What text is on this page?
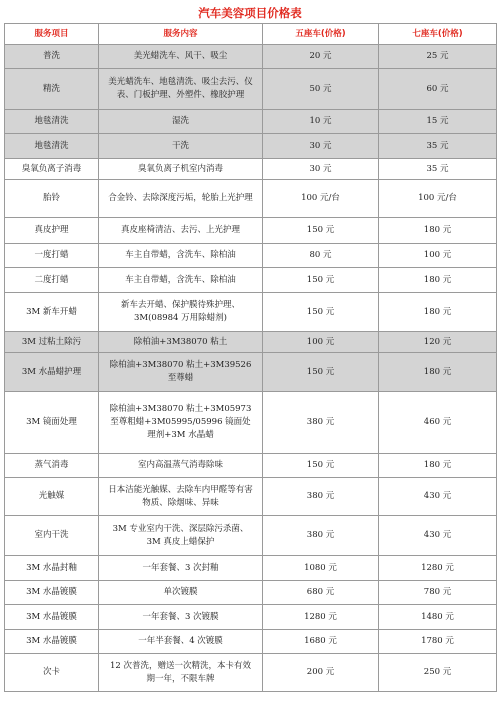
汽车美容项目价格表
服务项目	服务内容	五座车(价格)	七座车(价格)
普洗	美光蜡洗车、风干、吸尘	20 元	25 元
精洗	美光蜡洗车、地毯清洗、吸尘去污、仪表、门板护理、外塑件、橡胶护理	50 元	60 元
地毯清洗	湿洗	10 元	15 元
地毯清洗	干洗	30 元	35 元
臭氧负离子消毒	臭氧负离子机室内消毒	30 元	35 元
胎铃	合金铃、去除深度污垢，轮胎上光护理	100 元/台	100 元/台
真皮护理	真皮座椅清洁、去污、上光护理	150 元	180 元
一度打蜡	车主自带蜡，含洗车、除柏油	80 元	100 元
二度打蜡	车主自带蜡，含洗车、除柏油	150 元	180 元
3M 新车开蜡	新车去开蜡、保护膜待殊护理、3M(08984 万用除蜡剂)	150 元	180 元
3M 过粘土除污	除柏油+3M38070 粘土	100 元	120 元
3M 水晶蜡护理	除柏油+3M38070 粘土+3M39526 至尊蜡	150 元	180 元
3M 镜面处理	除柏油+3M38070 粘土+3M05973 至尊粗蜡+3M05995/05996 镜面处理剂+3M 水晶蜡	380 元	460 元
蒸气消毒	室内高温蒸气消毒除味	150 元	180 元
光触媒	日本洁能光触媒、去除车内甲醛等有害物质、除烟味、异味	380 元	430 元
室内干洗	3M 专业室内干洗、深层除污杀菌、3M 真皮上蜡保护	380 元	430 元
3M 水晶封釉	一年套餐、3 次封釉	1080 元	1280 元
3M 水晶镀膜	单次镀膜	680 元	780 元
3M 水晶镀膜	一年套餐、3 次镀膜	1280 元	1480 元
3M 水晶镀膜	一年半套餐、4 次镀膜	1680 元	1780 元
次卡	12 次普洗，赠送一次精洗，本卡有效期一年，不限车牌	200 元	250 元
